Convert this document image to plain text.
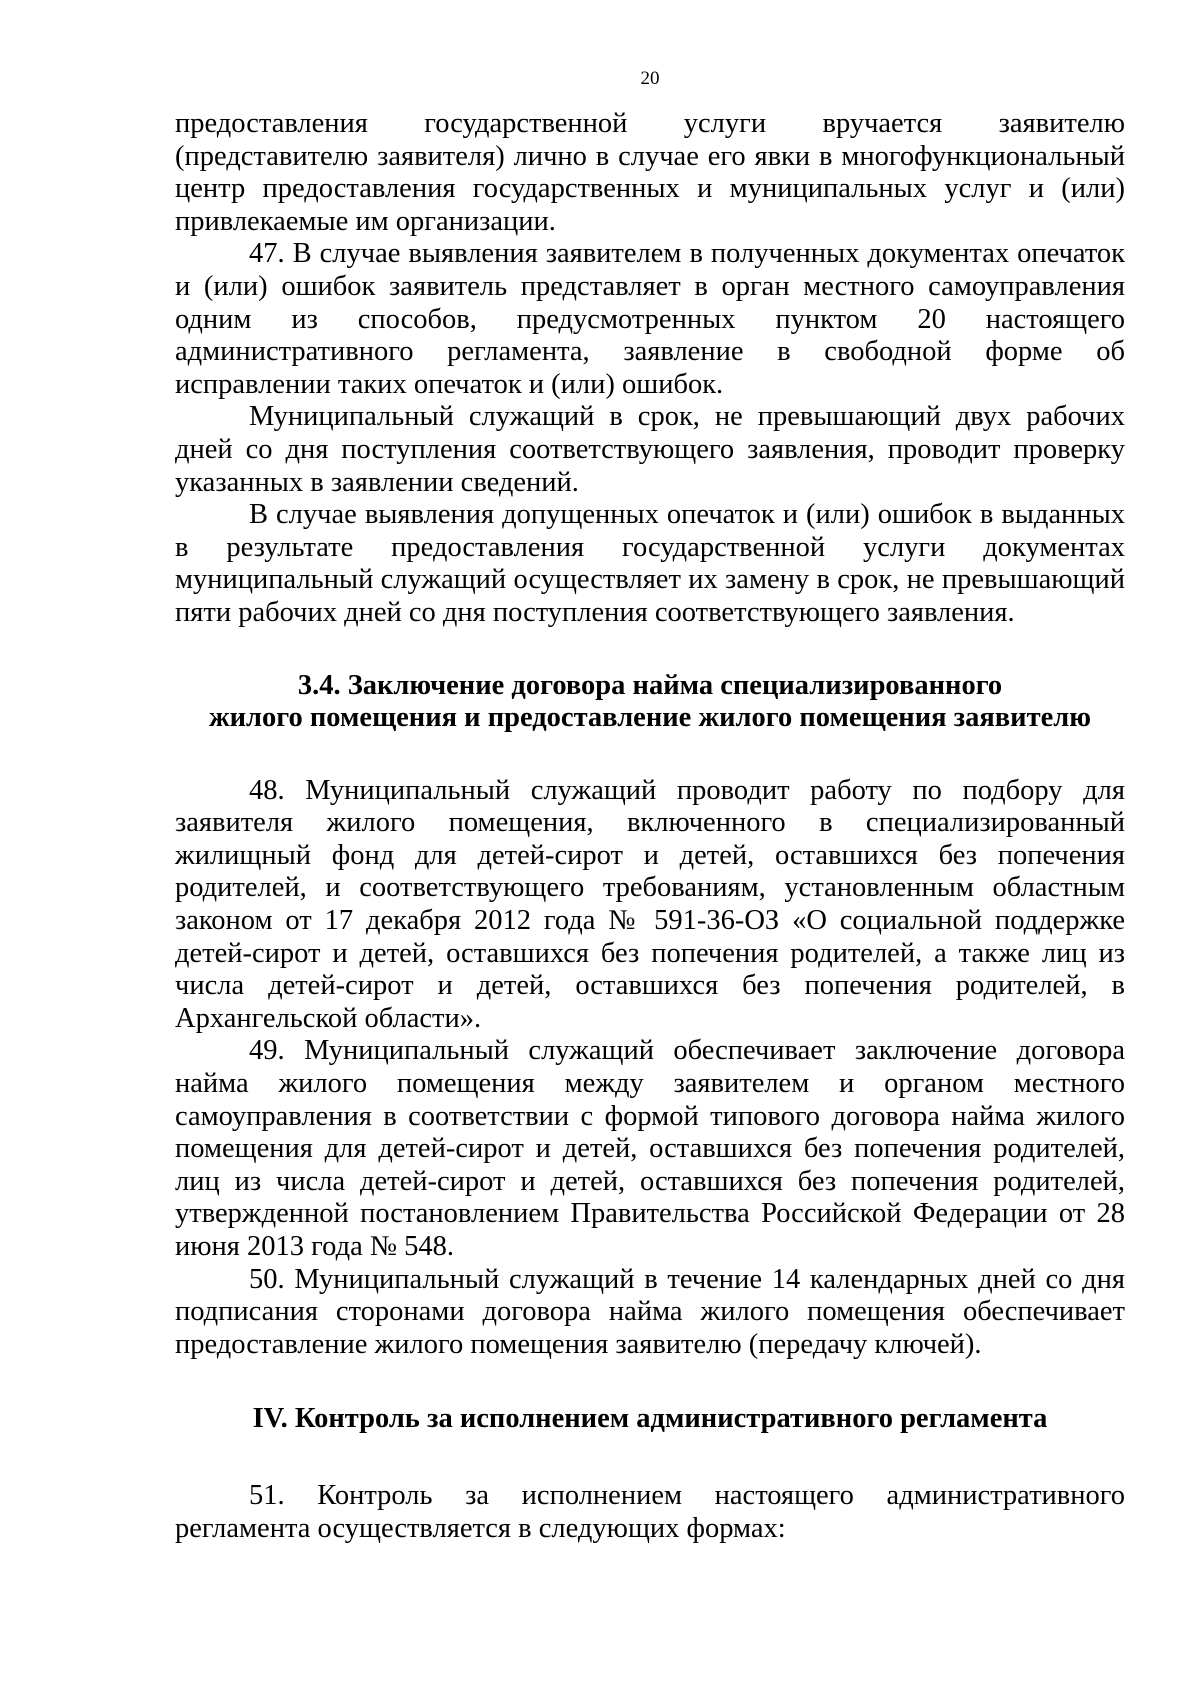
20

предоставления государственной услуги вручается заявителю (представителю заявителя) лично в случае его явки в многофункциональный центр предоставления государственных и муниципальных услуг и (или) привлекаемые им организации.

47. В случае выявления заявителем в полученных документах опечаток и (или) ошибок заявитель представляет в орган местного самоуправления одним из способов, предусмотренных пунктом 20 настоящего административного регламента, заявление в свободной форме об исправлении таких опечаток и (или) ошибок.

Муниципальный служащий в срок, не превышающий двух рабочих дней со дня поступления соответствующего заявления, проводит проверку указанных в заявлении сведений.

В случае выявления допущенных опечаток и (или) ошибок в выданных в результате предоставления государственной услуги документах муниципальный служащий осуществляет их замену в срок, не превышающий пяти рабочих дней со дня поступления соответствующего заявления.

3.4. Заключение договора найма специализированного

жилого помещения и предоставление жилого помещения заявителю

48. Муниципальный служащий проводит работу по подбору для заявителя жилого помещения, включенного в специализированный жилищный фонд для детей-сирот и детей, оставшихся без попечения родителей, и соответствующего требованиям, установленным областным законом от 17 декабря 2012 года № 591-36-ОЗ «О социальной поддержке детей-сирот и детей, оставшихся без попечения родителей, а также лиц из числа детей-сирот и детей, оставшихся без попечения родителей, в Архангельской области».

49. Муниципальный служащий обеспечивает заключение договора найма жилого помещения между заявителем и органом местного самоуправления в соответствии с формой типового договора найма жилого помещения для детей-сирот и детей, оставшихся без попечения родителей, лиц из числа детей-сирот и детей, оставшихся без попечения родителей, утвержденной постановлением Правительства Российской Федерации от 28 июня 2013 года № 548.

50. Муниципальный служащий в течение 14 календарных дней со дня подписания сторонами договора найма жилого помещения обеспечивает предоставление жилого помещения заявителю (передачу ключей).

IV. Контроль за исполнением административного регламента

51. Контроль за исполнением настоящего административного регламента осуществляется в следующих формах:
